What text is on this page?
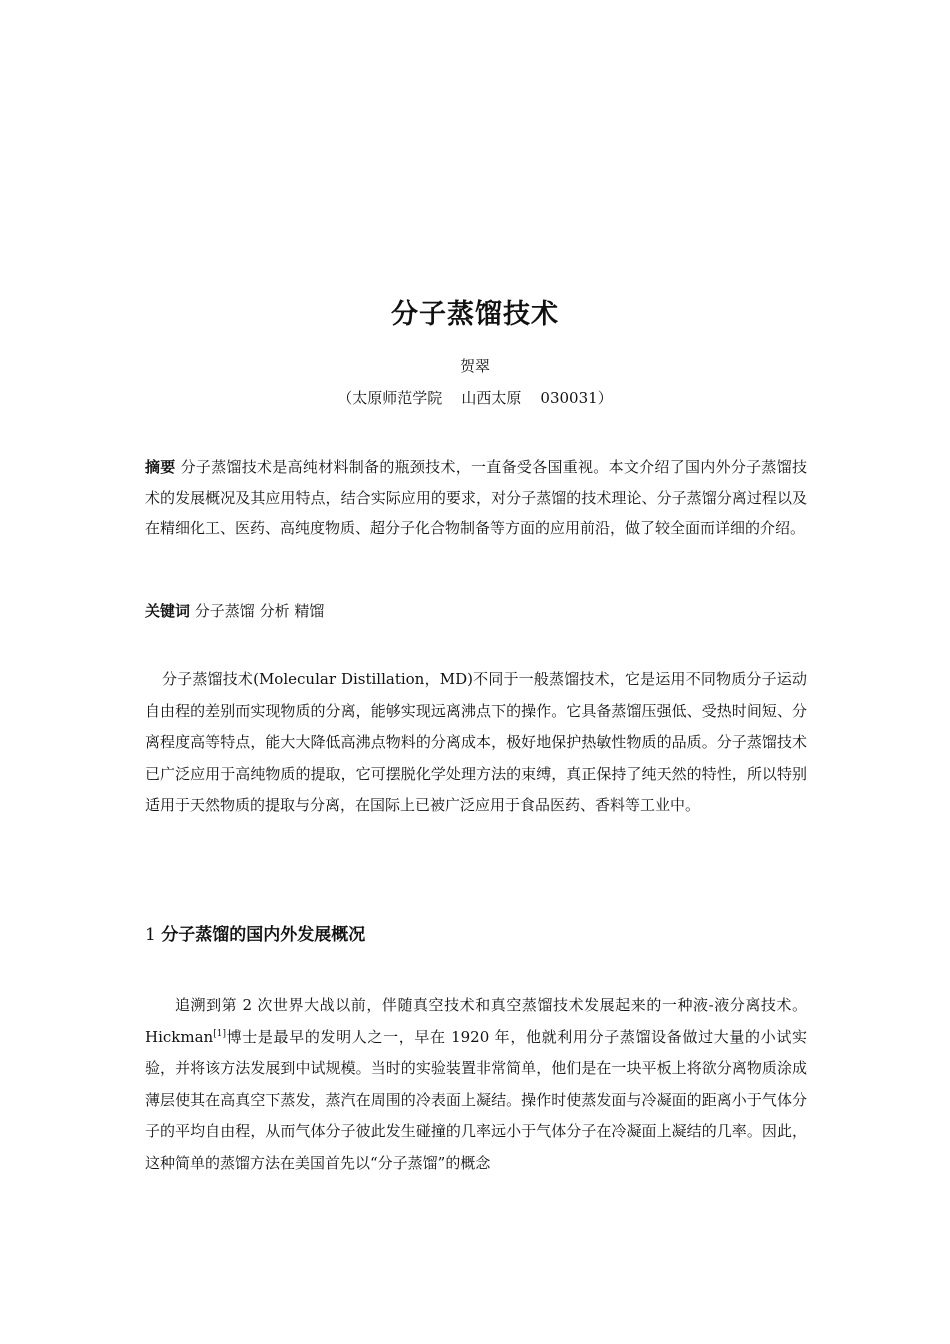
分子蒸馏技术
贺翠
（太原师范学院    山西太原    030031）
摘要 分子蒸馏技术是高纯材料制备的瓶颈技术，一直备受各国重视。本文介绍了国内外分子蒸馏技术的发展概况及其应用特点，结合实际应用的要求，对分子蒸馏的技术理论、分子蒸馏分离过程以及在精细化工、医药、高纯度物质、超分子化合物制备等方面的应用前沿，做了较全面而详细的介绍。
关键词 分子蒸馏 分析 精馏
分子蒸馏技术(Molecular Distillation，MD)不同于一般蒸馏技术，它是运用不同物质分子运动自由程的差别而实现物质的分离，能够实现远离沸点下的操作。它具备蒸馏压强低、受热时间短、分离程度高等特点，能大大降低高沸点物料的分离成本，极好地保护热敏性物质的品质。分子蒸馏技术已广泛应用于高纯物质的提取，它可摆脱化学处理方法的束缚，真正保持了纯天然的特性，所以特别适用于天然物质的提取与分离，在国际上已被广泛应用于食品医药、香料等工业中。
1 分子蒸馏的国内外发展概况
追溯到第 2 次世界大战以前，伴随真空技术和真空蒸馏技术发展起来的一种液-液分离技术。Hickman[1]博士是最早的发明人之一，早在 1920 年，他就利用分子蒸馏设备做过大量的小试实验，并将该方法发展到中试规模。当时的实验装置非常简单，他们是在一块平板上将欲分离物质涂成薄层使其在高真空下蒸发，蒸汽在周围的冷表面上凝结。操作时使蒸发面与冷凝面的距离小于气体分子的平均自由程，从而气体分子彼此发生碰撞的几率远小于气体分子在冷凝面上凝结的几率。因此，这种简单的蒸馏方法在美国首先以“分子蒸馏”的概念
